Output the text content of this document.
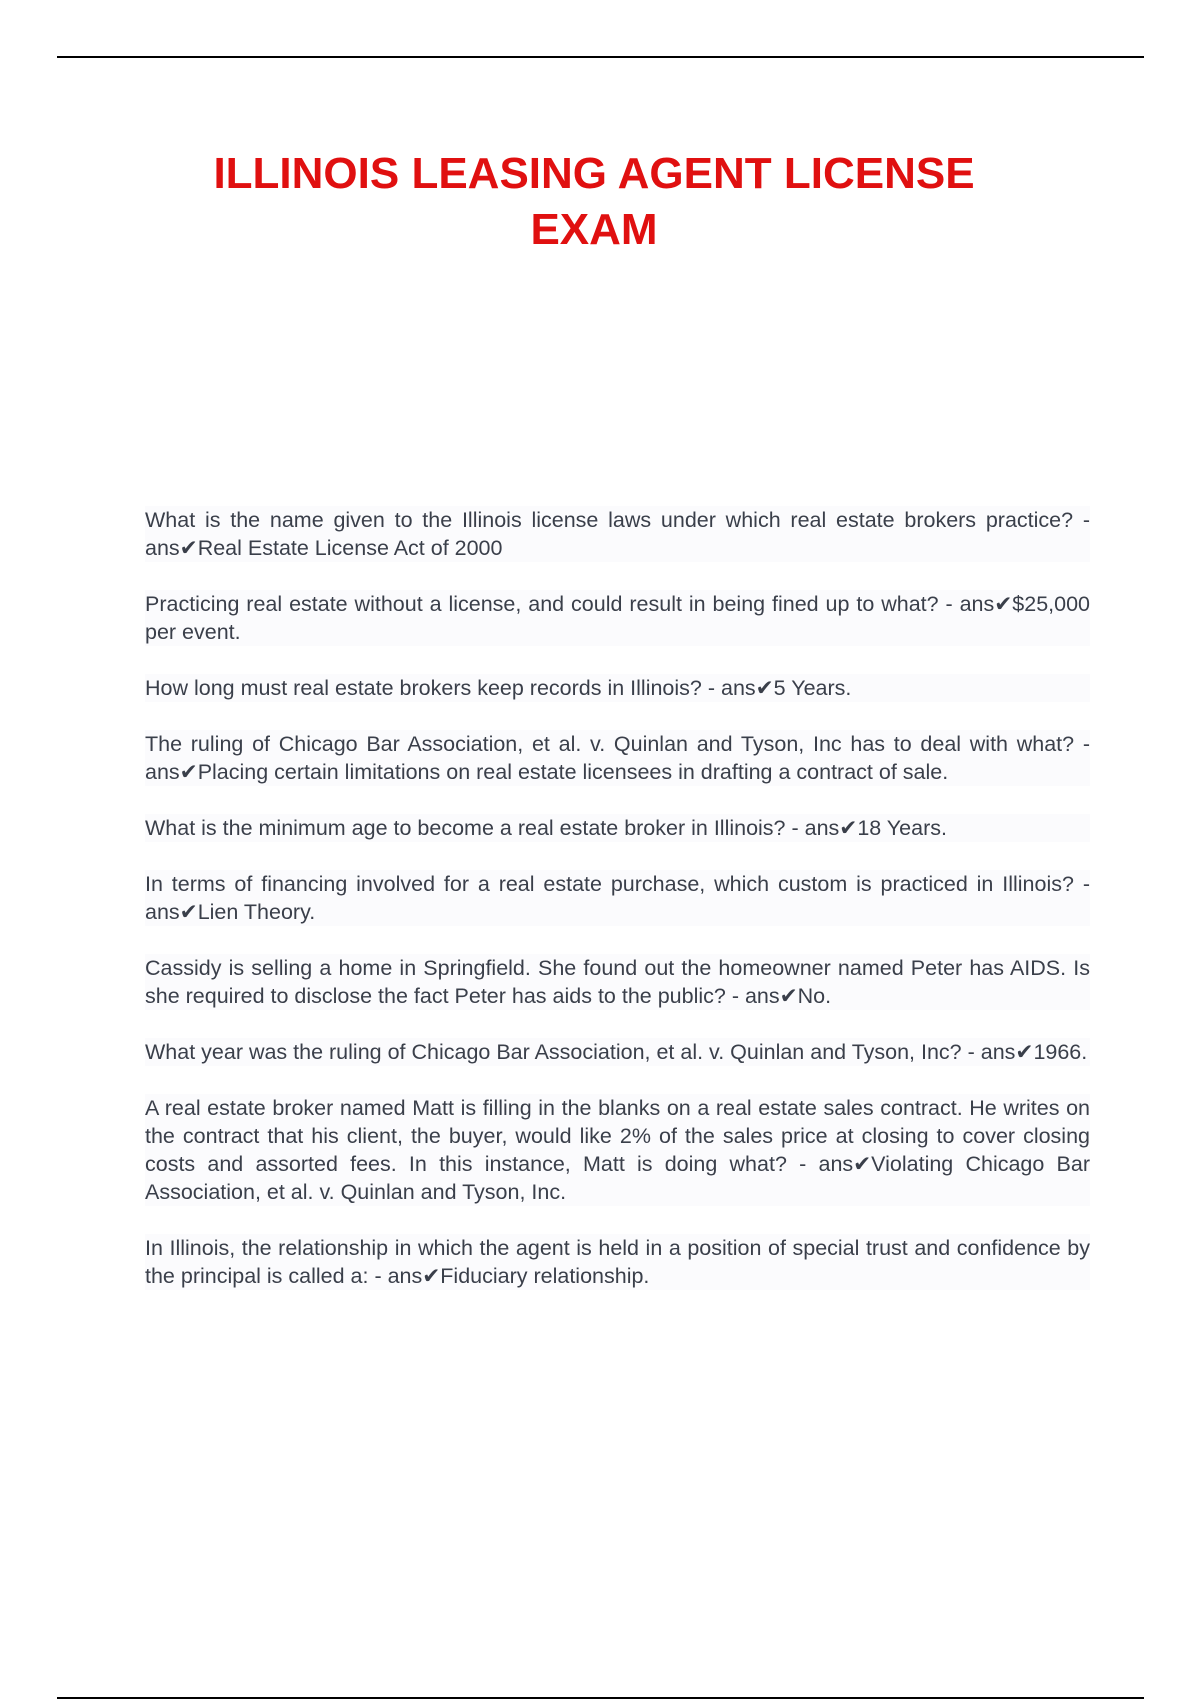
ILLINOIS LEASING AGENT LICENSE
EXAM
What is the name given to the Illinois license laws under which real estate brokers practice? - ans✔Real Estate License Act of 2000
Practicing real estate without a license, and could result in being fined up to what? - ans✔$25,000 per event.
How long must real estate brokers keep records in Illinois? - ans✔5 Years.
The ruling of Chicago Bar Association, et al. v. Quinlan and Tyson, Inc has to deal with what? - ans✔Placing certain limitations on real estate licensees in drafting a contract of sale.
What is the minimum age to become a real estate broker in Illinois? - ans✔18 Years.
In terms of financing involved for a real estate purchase, which custom is practiced in Illinois? - ans✔Lien Theory.
Cassidy is selling a home in Springfield. She found out the homeowner named Peter has AIDS. Is she required to disclose the fact Peter has aids to the public? - ans✔No.
What year was the ruling of Chicago Bar Association, et al. v. Quinlan and Tyson, Inc? - ans✔1966.
A real estate broker named Matt is filling in the blanks on a real estate sales contract. He writes on the contract that his client, the buyer, would like 2% of the sales price at closing to cover closing costs and assorted fees. In this instance, Matt is doing what? - ans✔Violating Chicago Bar Association, et al. v. Quinlan and Tyson, Inc.
In Illinois, the relationship in which the agent is held in a position of special trust and confidence by the principal is called a: - ans✔Fiduciary relationship.
